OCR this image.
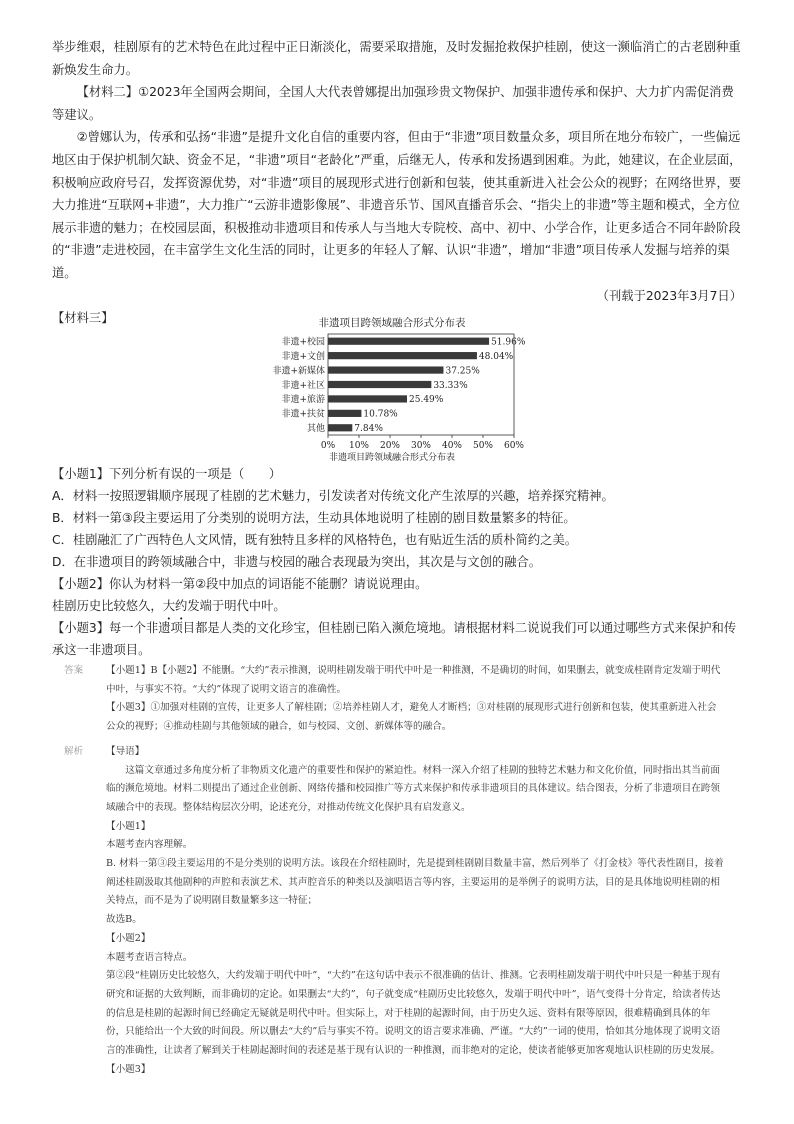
举步维艰，桂剧原有的艺术特色在此过程中正日渐淡化，需要采取措施，及时发掘抢救保护桂剧，使这一濒临消亡的古老剧种重新焕发生命力。

【材料二】①2023年全国两会期间，全国人大代表曾娜提出加强珍贵文物保护、加强非遗传承和保护、大力扩内需促消费等建议。

②曾娜认为，传承和弘扬“非遗”是提升文化自信的重要内容，但由于“非遗”项目数量众多，项目所在地分布较广，一些偏远地区由于保护机制欠缺、资金不足，“非遗”项目“老龄化”严重，后继无人，传承和发扬遇到困难。为此，她建议，在企业层面，积极响应政府号召，发挥资源优势，对“非遗”项目的展现形式进行创新和包装，使其重新进入社会公众的视野；在网络世界，要大力推进“互联网+非遗”，大力推广“云游非遗影像展”、非遗音乐节、国风直播音乐会、“指尖上的非遗”等主题和模式，全方位展示非遗的魅力；在校园层面，积极推动非遗项目和传承人与当地大专院校、高中、初中、小学合作，让更多适合不同年龄阶段的“非遗”走进校园，在丰富学生文化生活的同时，让更多的年轻人了解、认识“非遗”，增加“非遗”项目传承人发掘与培养的渠道。

（刊载于2023年3月7日）

【材料三】	非遗项目跨领域融合形式分布表
非遗项目跨领域融合形式分布表
非遗+校园	51.96%
非遗+文创	48.04%
非遗+新媒体	37.25%
非遗+社区	33.33%
非遗+旅游	25.49%
非遗+扶贫	10.78%
其他	7.84%
0% 10% 20% 30% 40% 50% 60%

【小题1】下列分析有误的一项是（　　）

A．材料一按照逻辑顺序展现了桂剧的艺术魅力，引发读者对传统文化产生浓厚的兴趣，培养探究精神。

B．材料一第③段主要运用了分类别的说明方法，生动具体地说明了桂剧的剧目数量繁多的特征。

C．桂剧融汇了广西特色人文风情，既有独特且多样的风格特色，也有贴近生活的质朴简约之美。

D．在非遗项目的跨领域融合中，非遗与校园的融合表现最为突出，其次是与文创的融合。

【小题2】你认为材料一第②段中加点的词语能不能删？请说说理由。

桂剧历史比较悠久，大约发端于明代中叶。

【小题3】每一个非遗项目都是人类的文化珍宝，但桂剧已陷入濒危境地。请根据材料二说说我们可以通过哪些方式来保护和传承这一非遗项目。

答案	【小题1】B【小题2】不能删。“大约”表示推测，说明桂剧发端于明代中叶是一种推测，不是确切的时间，如果删去，就变成桂剧肯定发端于明代中叶，与事实不符。“大约”体现了说明文语言的准确性。

【小题3】①加强对桂剧的宣传，让更多人了解桂剧；②培养桂剧人才，避免人才断档；③对桂剧的展现形式进行创新和包装，使其重新进入社会公众的视野；④推动桂剧与其他领域的融合，如与校园、文创、新媒体等的融合。

解析	【导语】

这篇文章通过多角度分析了非物质文化遗产的重要性和保护的紧迫性。材料一深入介绍了桂剧的独特艺术魅力和文化价值，同时指出其当前面临的濒危境地。材料二则提出了通过企业创新、网络传播和校园推广等方式来保护和传承非遗项目的具体建议。结合图表，分析了非遗项目在跨领域融合中的表现。整体结构层次分明，论述充分，对推动传统文化保护具有启发意义。

【小题1】

本题考查内容理解。

B. 材料一第③段主要运用的不是分类别的说明方法。该段在介绍桂剧时，先是提到桂剧剧目数量丰富，然后列举了《打金枝》等代表性剧目，接着阐述桂剧汲取其他剧种的声腔和表演艺术、其声腔音乐的种类以及演唱语言等内容，主要运用的是举例子的说明方法，目的是具体地说明桂剧的相关特点，而不是为了说明剧目数量繁多这一特征；

故选B。

【小题2】

本题考查语言特点。

第②段“桂剧历史比较悠久，大约发端于明代中叶”，“大约”在这句话中表示不很准确的估计、推测。它表明桂剧发端于明代中叶只是一种基于现有研究和证据的大致判断，而非确切的定论。如果删去“大约”，句子就变成“桂剧历史比较悠久，发端于明代中叶”，语气变得十分肯定，给读者传达的信息是桂剧的起源时间已经确定无疑就是明代中叶。但实际上，对于桂剧的起源时间，由于历史久远、资料有限等原因，很难精确到具体的年份，只能给出一个大致的时间段。所以删去“大约”后与事实不符。说明文的语言要求准确、严谨。“大约”一词的使用，恰如其分地体现了说明文语言的准确性，让读者了解到关于桂剧起源时间的表述是基于现有认识的一种推测，而非绝对的定论，使读者能够更加客观地认识桂剧的历史发展。

【小题3】
